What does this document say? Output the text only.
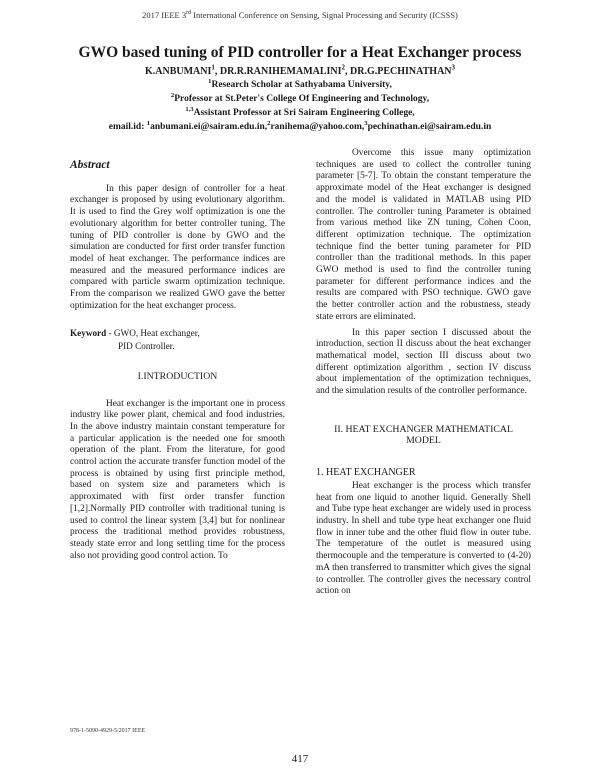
2017 IEEE 3rd International Conference on Sensing, Signal Processing and Security (ICSSS)
GWO based tuning of PID controller for a Heat Exchanger process
K.ANBUMANI$^1$, DR.R.RANIHEMAMALINI$^2$, DR.G.PECHINATHAN$^3$
$^1$Research Scholar at Sathyabama University,
$^2$Professor at St.Peter's College Of Engineering and Technology,
$^{1,3}$Assistant Professor at Sri Sairam Engineering College,
email.id: $^1$anbumani.ei@sairam.edu.in,$^2$ranihema@yahoo.com,$^3$pechinathan.ei@sairam.edu.in
Abstract

In this paper design of controller for a heat exchanger is proposed by using evolutionary algorithm. It is used to find the Grey wolf optimization is one the evolutionary algorithm for better controller tuning. The tuning of PID controller is done by GWO and the simulation are conducted for first order transfer function model of heat exchanger. The performance indices are measured and the measured performance indices are compared with particle swarm optimization technique. From the comparison we realized GWO gave the better optimization for the heat exchanger process.

Keyword - GWO, Heat exchanger,
PID Controller.
I.INTRODUCTION

Heat exchanger is the important one in process industry like power plant, chemical and food industries. In the above industry maintain constant temperature for a particular application is the needed one for smooth operation of the plant. From the literature, for good control action the accurate transfer function model of the process is obtained by using first principle method, based on system size and parameters which is approximated with first order transfer function [1,2].Normally PID controller with traditional tuning is used to control the linear system [3,4] but for nonlinear process the traditional method provides robustness, steady state error and long settling time for the process also not providing good control action. To

Overcome this issue many optimization techniques are used to collect the controller tuning parameter [5-7]. To obtain the constant temperature the approximate model of the Heat exchanger is designed and the model is validated in MATLAB using PID controller. The controller tuning Parameter is obtained from various method like ZN tuning, Cohen Coon, different optimization technique. The optimization technique find the better tuning parameter for PID controller than the traditional methods. In this paper GWO method is used to find the controller tuning parameter for different performance indices and the results are compared with PSO technique. GWO gave the better controller action and the robustness, steady state errors are eliminated.

In this paper section I discussed about the introduction, section II discuss about the heat exchanger mathematical model, section III discuss about two different optimization algorithm , section IV discuss about implementation of the optimization techniques, and the simulation results of the controller performance.

II. HEAT EXCHANGER MATHEMATICAL MODEL
1. HEAT EXCHANGER

Heat exchanger is the process which transfer heat from one liquid to another liquid. Generally Shell and Tube type heat exchanger are widely used in process industry. In shell and tube type heat exchanger one fluid flow in inner tube and the other fluid flow in outer tube. The temperature of the outlet is measured using thermocouple and the temperature is converted to (4-20) mA then transferred to transmitter which gives the signal to controller. The controller gives the necessary control action on

978-1-5090-4929-5/2017 IEEE
417
